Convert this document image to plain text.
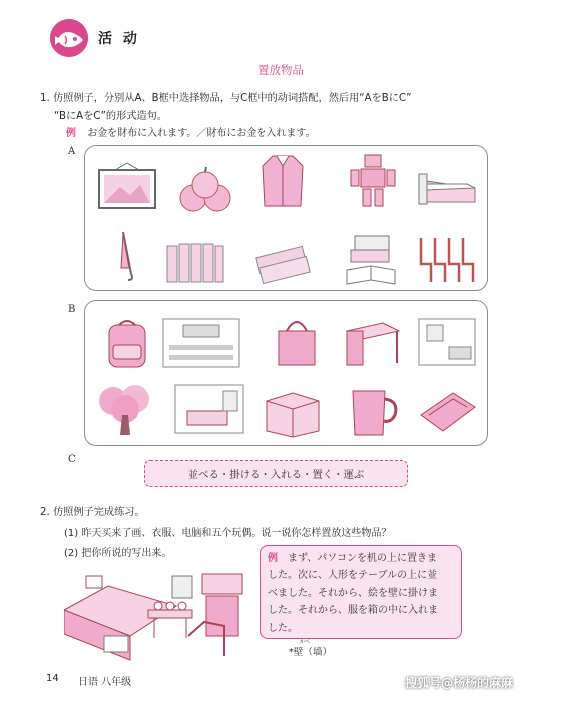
活 动
置放物品
1. 仿照例子，分别从A、B框中选择物品，与C框中的动词搭配，然后用“AをBにC”
“BにAをC”的形式造句。
例 お金を財布に入れます。／財布にお金を入れます。
A
B
C
並べる・掛ける・入れる・置く・運ぶ
2. 仿照例子完成练习。
(1) 昨天买来了画、衣服、电脑和五个玩偶。说一说你怎样置放这些物品？
(2) 把你所说的写出来。	例　まず、パソコンを机の上に置きま
した。次に、人形をテーブルの上に並
べました。それから、絵を壁に掛けま
した。それから、服を箱の中に入れま
した。
かべ
*壁（墙）
14 日语 八年级	搜狐号@杨杨的麻麻
